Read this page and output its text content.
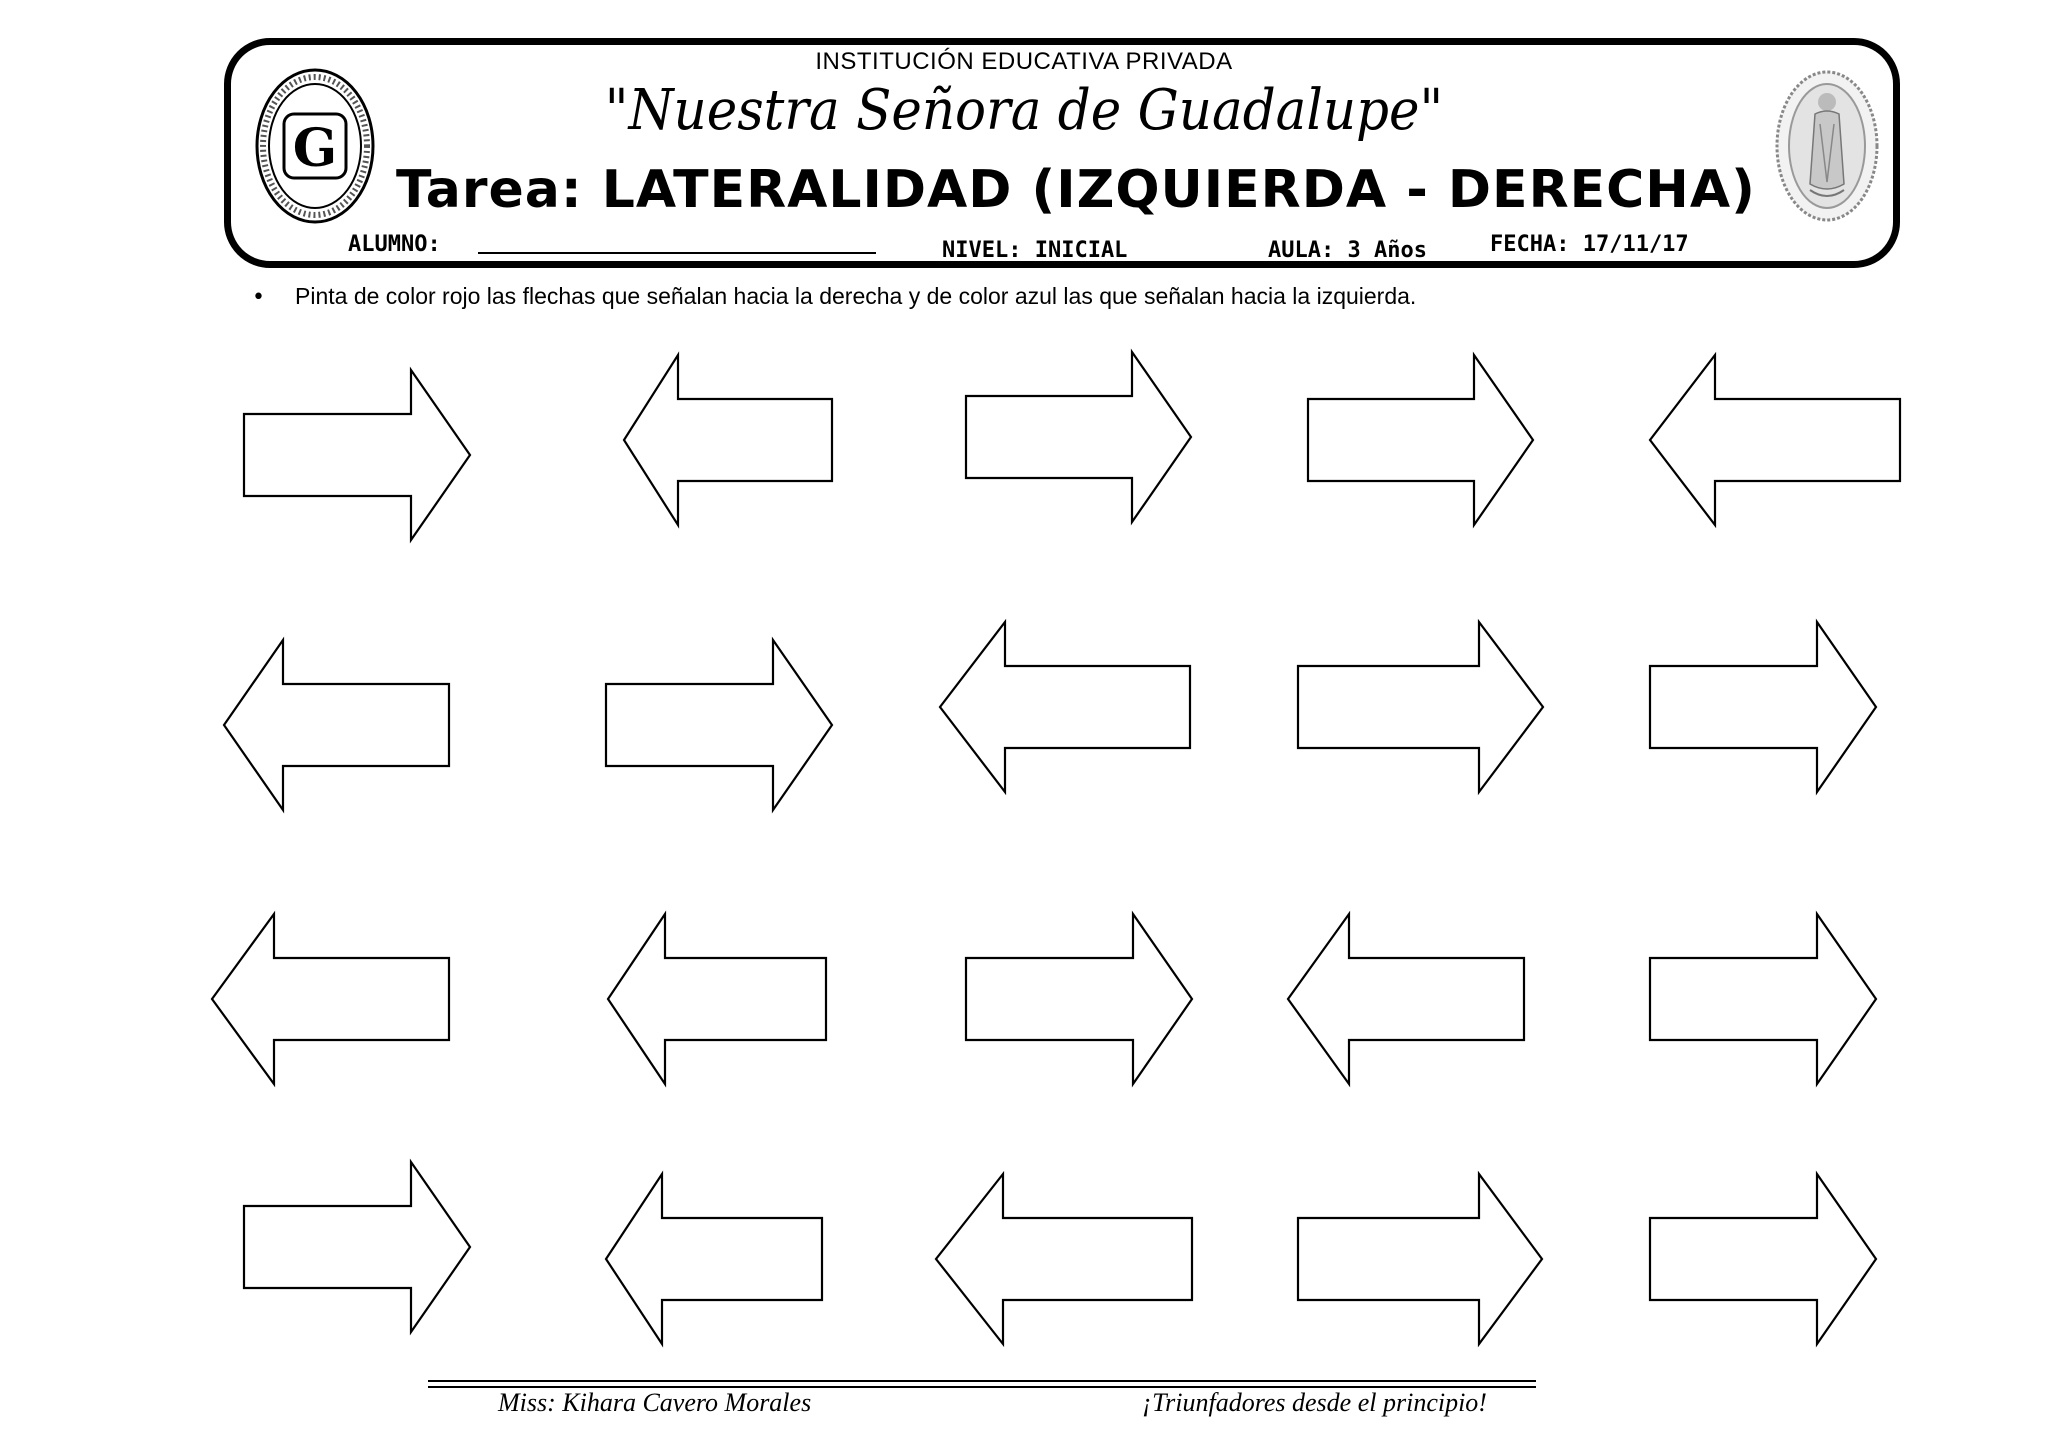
G
INSTITUCIÓN EDUCATIVA PRIVADA
"Nuestra Señora de Guadalupe"
Tarea: LATERALIDAD (IZQUIERDA - DERECHA)
ALUMNO:	NIVEL: INICIAL	AULA: 3 Años	FECHA: 17/11/17
• Pinta de color rojo las flechas que señalan hacia la derecha y de color azul las que señalan hacia la izquierda.
Miss: Kihara Cavero Morales	¡Triunfadores desde el principio!
